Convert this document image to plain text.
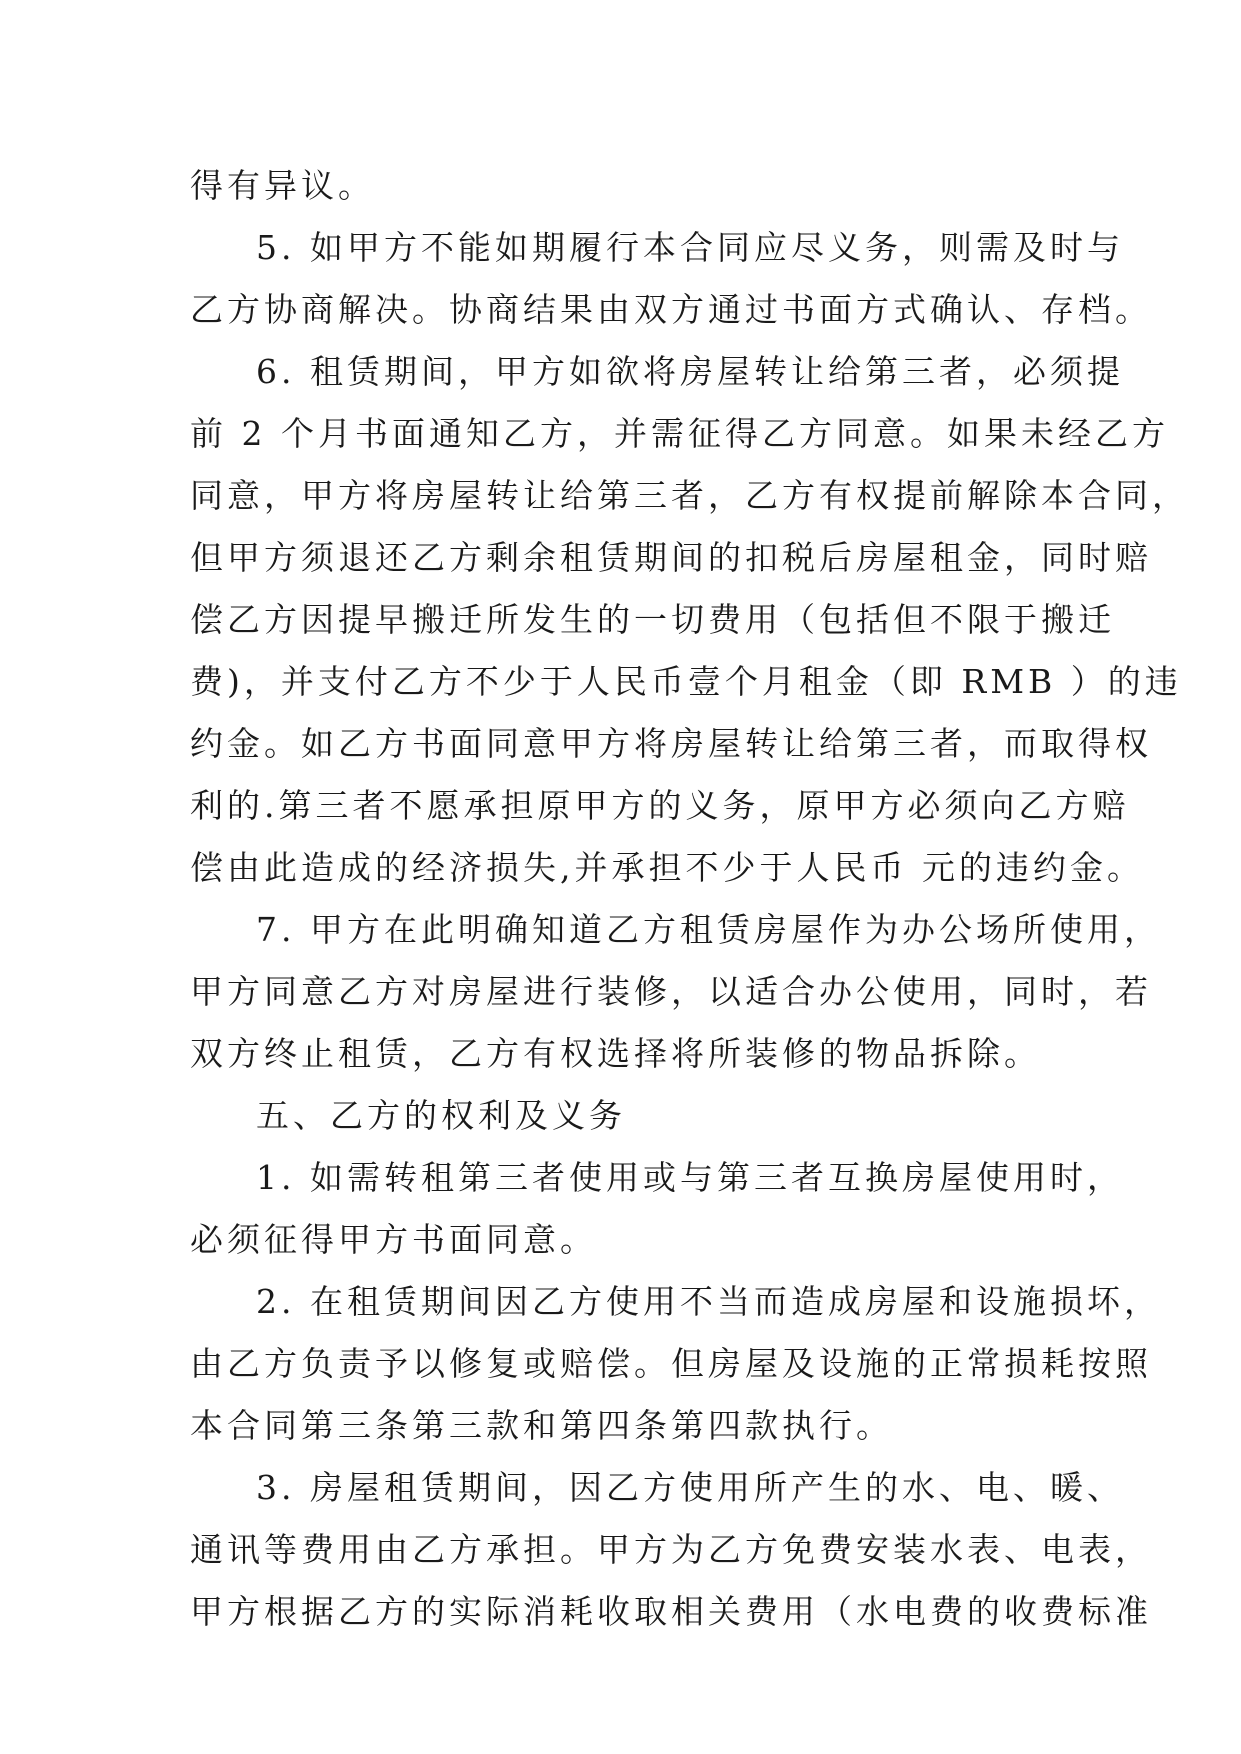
得有异议。
5. 如甲方不能如期履行本合同应尽义务，则需及时与
乙方协商解决。协商结果由双方通过书面方式确认、存档。
6. 租赁期间，甲方如欲将房屋转让给第三者，必须提
前 2 个月书面通知乙方，并需征得乙方同意。如果未经乙方
同意，甲方将房屋转让给第三者，乙方有权提前解除本合同，
但甲方须退还乙方剩余租赁期间的扣税后房屋租金，同时赔
偿乙方因提早搬迁所发生的一切费用（包括但不限于搬迁
费)，并支付乙方不少于人民币壹个月租金（即 RMB ）的违
约金。如乙方书面同意甲方将房屋转让给第三者，而取得权
利的.第三者不愿承担原甲方的义务，原甲方必须向乙方赔
偿由此造成的经济损失,并承担不少于人民币 元的违约金。
7. 甲方在此明确知道乙方租赁房屋作为办公场所使用，
甲方同意乙方对房屋进行装修，以适合办公使用，同时，若
双方终止租赁，乙方有权选择将所装修的物品拆除。
五、乙方的权利及义务
1. 如需转租第三者使用或与第三者互换房屋使用时，
必须征得甲方书面同意。
2. 在租赁期间因乙方使用不当而造成房屋和设施损坏，
由乙方负责予以修复或赔偿。但房屋及设施的正常损耗按照
本合同第三条第三款和第四条第四款执行。
3. 房屋租赁期间，因乙方使用所产生的水、电、暖、
通讯等费用由乙方承担。甲方为乙方免费安装水表、电表，
甲方根据乙方的实际消耗收取相关费用（水电费的收费标准
